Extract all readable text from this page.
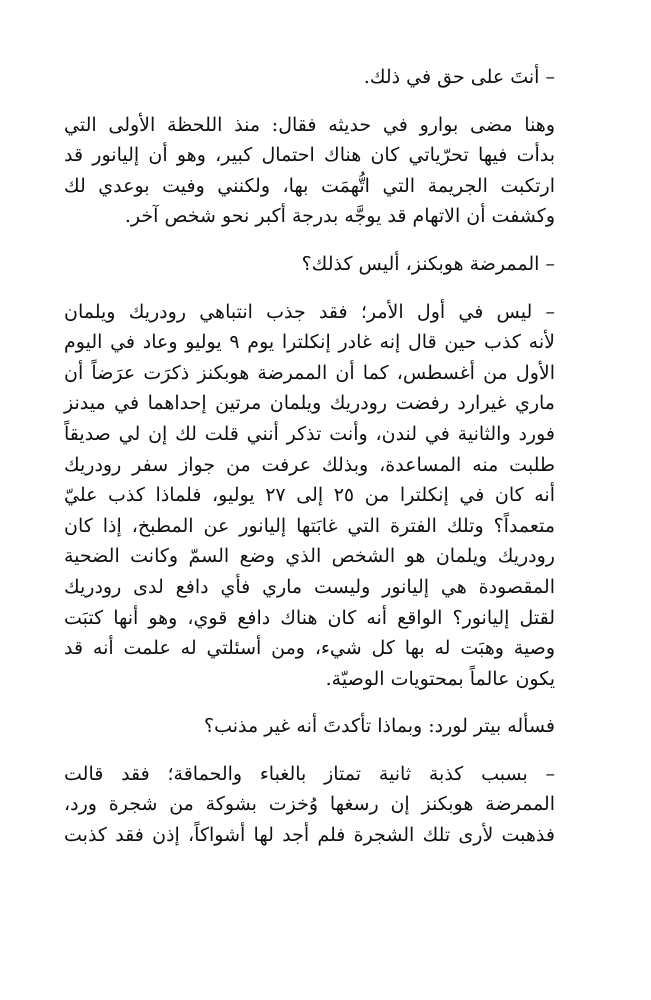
– أنتَ على حق في ذلك.

وهنا مضى بوارو في حديثه فقال: منذ اللحظة الأولى التي
بدأت فيها تحرّياتي كان هناك احتمال كبير، وهو أن إليانور قد
ارتكبت الجريمة التي اتُّهمَت بها، ولكنني وفيت بوعدي لك
وكشفت أن الاتهام قد يوجَّه بدرجة أكبر نحو شخص آخر.

– الممرضة هوبكنز، أليس كذلك؟

– ليس في أول الأمر؛ فقد جذب انتباهي رودريك ويلمان
لأنه كذب حين قال إنه غادر إنكلترا يوم ٩ يوليو وعاد في اليوم
الأول من أغسطس، كما أن الممرضة هوبكنز ذكرَت عرَضاً أن
ماري غيرارد رفضت رودريك ويلمان مرتين إحداهما في ميدنز
فورد والثانية في لندن، وأنت تذكر أنني قلت لك إن لي صديقاً
طلبت منه المساعدة، وبذلك عرفت من جواز سفر رودريك
أنه كان في إنكلترا من ٢٥ إلى ٢٧ يوليو، فلماذا كذب عليّ
متعمداً؟ وتلك الفترة التي غابَتها إليانور عن المطبخ، إذا كان
رودريك ويلمان هو الشخص الذي وضع السمّ وكانت الضحية
المقصودة هي إليانور وليست ماري فأي دافع لدى رودريك
لقتل إليانور؟ الواقع أنه كان هناك دافع قوي، وهو أنها كتبَت
وصية وهبَت له بها كل شيء، ومن أسئلتي له علمت أنه قد
يكون عالماً بمحتويات الوصيّة.

فسأله بيتر لورد: وبماذا تأكدتَ أنه غير مذنب؟

– بسبب كذبة ثانية تمتاز بالغباء والحماقة؛ فقد قالت
الممرضة هوبكنز إن رسغها وُخزت بشوكة من شجرة ورد،
فذهبت لأرى تلك الشجرة فلم أجد لها أشواكاً، إذن فقد كذبت
